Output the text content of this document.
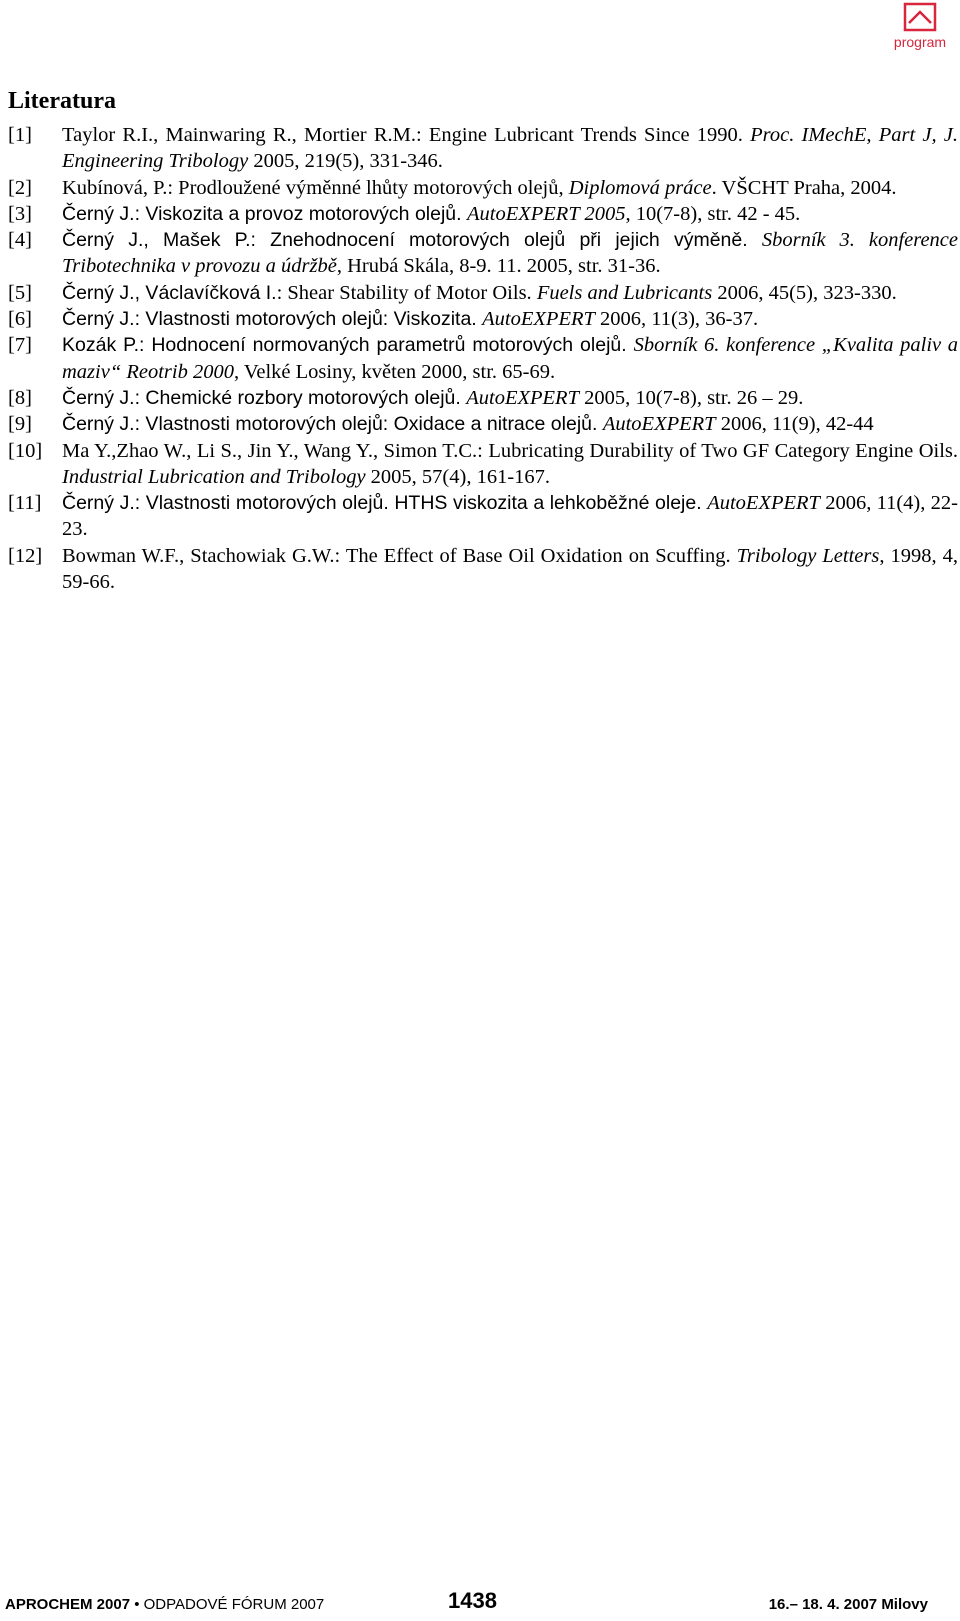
program
Literatura
[1]	Taylor R.I., Mainwaring R., Mortier R.M.: Engine Lubricant Trends Since 1990. Proc. IMechE, Part J, J. Engineering Tribology 2005, 219(5), 331-346.
[2]	Kubínová, P.: Prodloužené výměnné lhůty motorových olejů, Diplomová práce. VŠCHT Praha, 2004.
[3]	Černý J.: Viskozita a provoz motorových olejů. AutoEXPERT 2005, 10(7-8), str. 42 - 45.
[4]	Černý J., Mašek P.: Znehodnocení motorových olejů při jejich výměně. Sborník 3. konference Tribotechnika v provozu a údržbě, Hrubá Skála, 8-9. 11. 2005, str. 31-36.
[5]	Černý J., Václavíčková I.: Shear Stability of Motor Oils. Fuels and Lubricants 2006, 45(5), 323-330.
[6]	Černý J.: Vlastnosti motorových olejů: Viskozita. AutoEXPERT 2006, 11(3), 36-37.
[7]	Kozák P.: Hodnocení normovaných parametrů motorových olejů. Sborník 6. konference „Kvalita paliv a maziv“ Reotrib 2000, Velké Losiny, květen 2000, str. 65-69.
[8]	Černý J.: Chemické rozbory motorových olejů. AutoEXPERT 2005, 10(7-8), str. 26 – 29.
[9]	Černý J.: Vlastnosti motorových olejů: Oxidace a nitrace olejů. AutoEXPERT 2006, 11(9), 42-44
[10] Ma Y.,Zhao W., Li S., Jin Y., Wang Y., Simon T.C.: Lubricating Durability of Two GF Category Engine Oils. Industrial Lubrication and Tribology 2005, 57(4), 161-167.
[11]	Černý J.: Vlastnosti motorových olejů. HTHS viskozita a lehkoběžné oleje. AutoEXPERT 2006, 11(4), 22-23.
[12] Bowman W.F., Stachowiak G.W.: The Effect of Base Oil Oxidation on Scuffing. Tribology Letters, 1998, 4, 59-66.
APROCHEM 2007 • ODPADOVÉ FÓRUM 2007	1438	16.– 18. 4. 2007 Milovy
